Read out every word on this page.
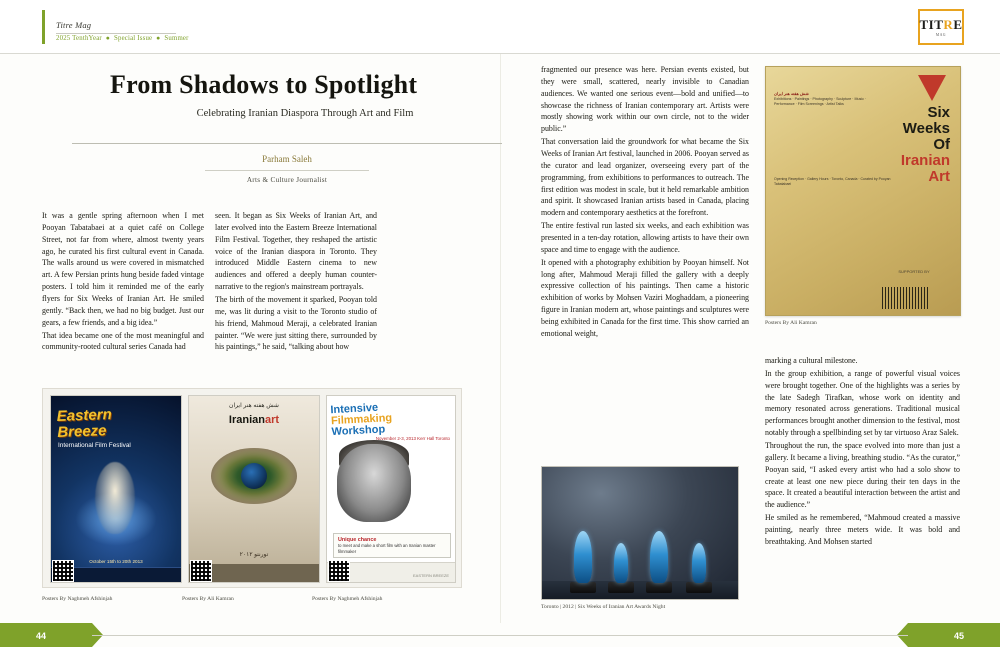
Titre Mag
2025 TenthYear ● Special Issue ● Summer
TITRE
MAG
From Shadows to Spotlight
Celebrating Iranian Diaspora Through Art and Film
Parham Saleh
Arts & Culture Journalist

It was a gentle spring afternoon when I met Pooyan Tabatabaei at a quiet café on College Street, not far from where, almost twenty years ago, he curated his first cultural event in Canada. The walls around us were covered in mismatched art. A few Persian prints hung beside faded vintage posters. I told him it reminded me of the early flyers for Six Weeks of Iranian Art. He smiled gently. “Back then, we had no big budget. Just our gears, a few friends, and a big idea.”

That idea became one of the most meaningful and community-rooted cultural series Canada had

seen. It began as Six Weeks of Iranian Art, and later evolved into the Eastern Breeze International Film Festival. Together, they reshaped the artistic voice of the Iranian diaspora in Toronto. They introduced Middle Eastern cinema to new audiences and offered a deeply human counter-narrative to the region's mainstream portrayals.

The birth of the movement it sparked, Pooyan told me, was lit during a visit to the Toronto studio of his friend, Mahmoud Meraji, a celebrated Iranian painter. “We were just sitting there, surrounded by his paintings,” he said, “talking about how

fragmented our presence was here. Persian events existed, but they were small, scattered, nearly invisible to Canadian audiences. We wanted one serious event—bold and unified—to showcase the richness of Iranian contemporary art. Artists were mostly showing work within our own circle, not to the wider public.”

That conversation laid the groundwork for what became the Six Weeks of Iranian Art festival, launched in 2006. Pooyan served as the curator and lead organizer, overseeing every part of the programming, from exhibitions to performances to outreach. The first edition was modest in scale, but it held remarkable ambition and spirit. It showcased Iranian artists based in Canada, placing modern and contemporary aesthetics at the forefront.

The entire festival run lasted six weeks, and each exhibition was presented in a ten-day rotation, allowing artists to have their own space and time to engage with the audience.

It opened with a photography exhibition by Pooyan himself. Not long after, Mahmoud Meraji filled the gallery with a deeply expressive collection of his paintings. Then came a historic exhibition of works by Mohsen Vaziri Moghaddam, a pioneering figure in Iranian modern art, whose paintings and sculptures were being exhibited in Canada for the first time. This show carried an emotional weight,

marking a cultural milestone.

In the group exhibition, a range of powerful visual voices were brought together. One of the highlights was a series by the late Sadegh Tirafkan, whose work on identity and memory resonated across generations. Traditional musical performances brought another dimension to the festival, most notably through a spellbinding set by tar virtuoso Araz Salek.

Throughout the run, the space evolved into more than just a gallery. It became a living, breathing studio. “As the curator,” Pooyan said, “I asked every artist who had a solo show to create at least one new piece during their ten days in the space. It created a beautiful interaction between the artist and the audience.”

He smiled as he remembered, “Mahmoud created a massive painting, nearly three meters wide. It was bold and breathtaking. And Mohsen started

Eastern
Breeze
International Film Festival
October 15th to 20th 2013
شش هفته هنر ایران
Iranianart
تورنتو ۲۰۱۲
Intensive
Filmmaking
Workshop
November 2-3, 2013 Kerr Hall Toronto
Unique chance
to meet and make a short film with an Iranian master filmmaker
EASTERN BREEZE
Posters By Naghmeh Afshinjah	Posters By Ali Kamran	Posters By Naghmeh Afshinjah
Six
Weeks
Of
Iranian
Art
شش هفته هنر ایران
Exhibitions · Paintings · Photography · Sculpture · Music · Performance · Film Screenings · Artist Talks
Opening Reception · Gallery Hours · Toronto, Canada · Curated by Pooyan Tabatabaei
SUPPORTED BY
Posters By Ali Kamran
Toronto | 2012 | Six Weeks of Iranian Art Awards Night
44	45
